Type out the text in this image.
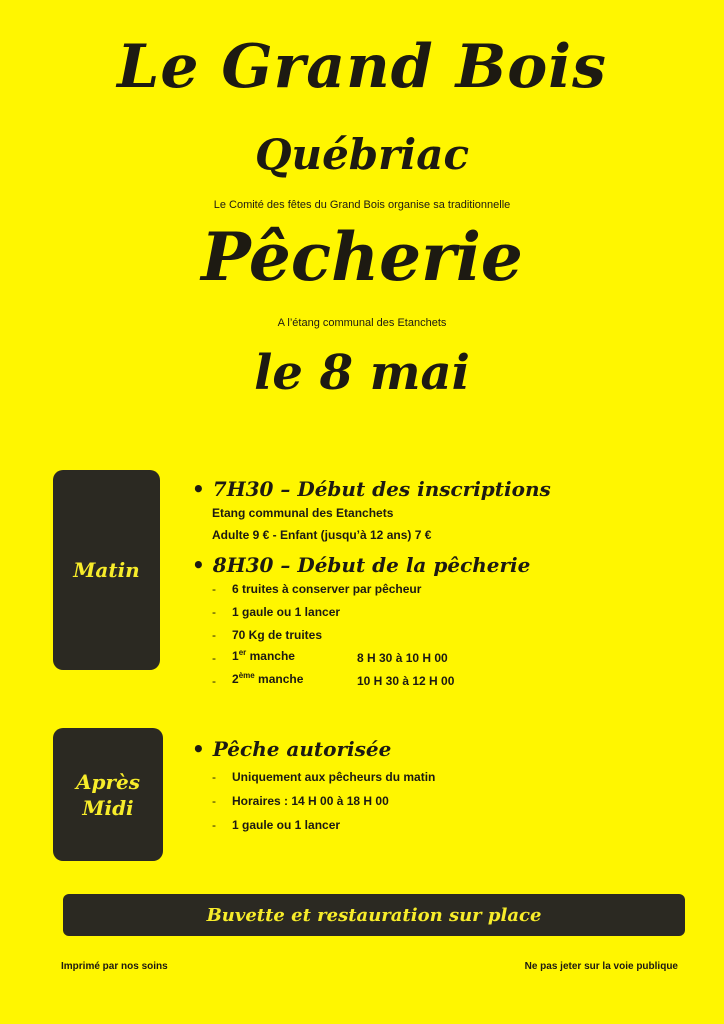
Le Grand Bois
Québriac
Le Comité des fêtes du Grand Bois organise sa traditionnelle
Pêcherie
A l’étang communal des Etanchets
le 8 mai
Matin
• 7H30 – Début des inscriptions
Etang communal des Etanchets
Adulte 9 € - Enfant (jusqu’à 12 ans) 7 €
• 8H30 – Début de la pêcherie
- 6 truites à conserver par pêcheur
- 1 gaule ou 1 lancer
- 70 Kg de truites
- 1er manche	8 H 30 à 10 H 00
- 2ème manche	10 H 30 à 12 H 00
Après
Midi
• Pêche autorisée
- Uniquement aux pêcheurs du matin
- Horaires : 14 H 00 à 18 H 00
- 1 gaule ou 1 lancer
Buvette et restauration sur place
Imprimé par nos soins	Ne pas jeter sur la voie publique
